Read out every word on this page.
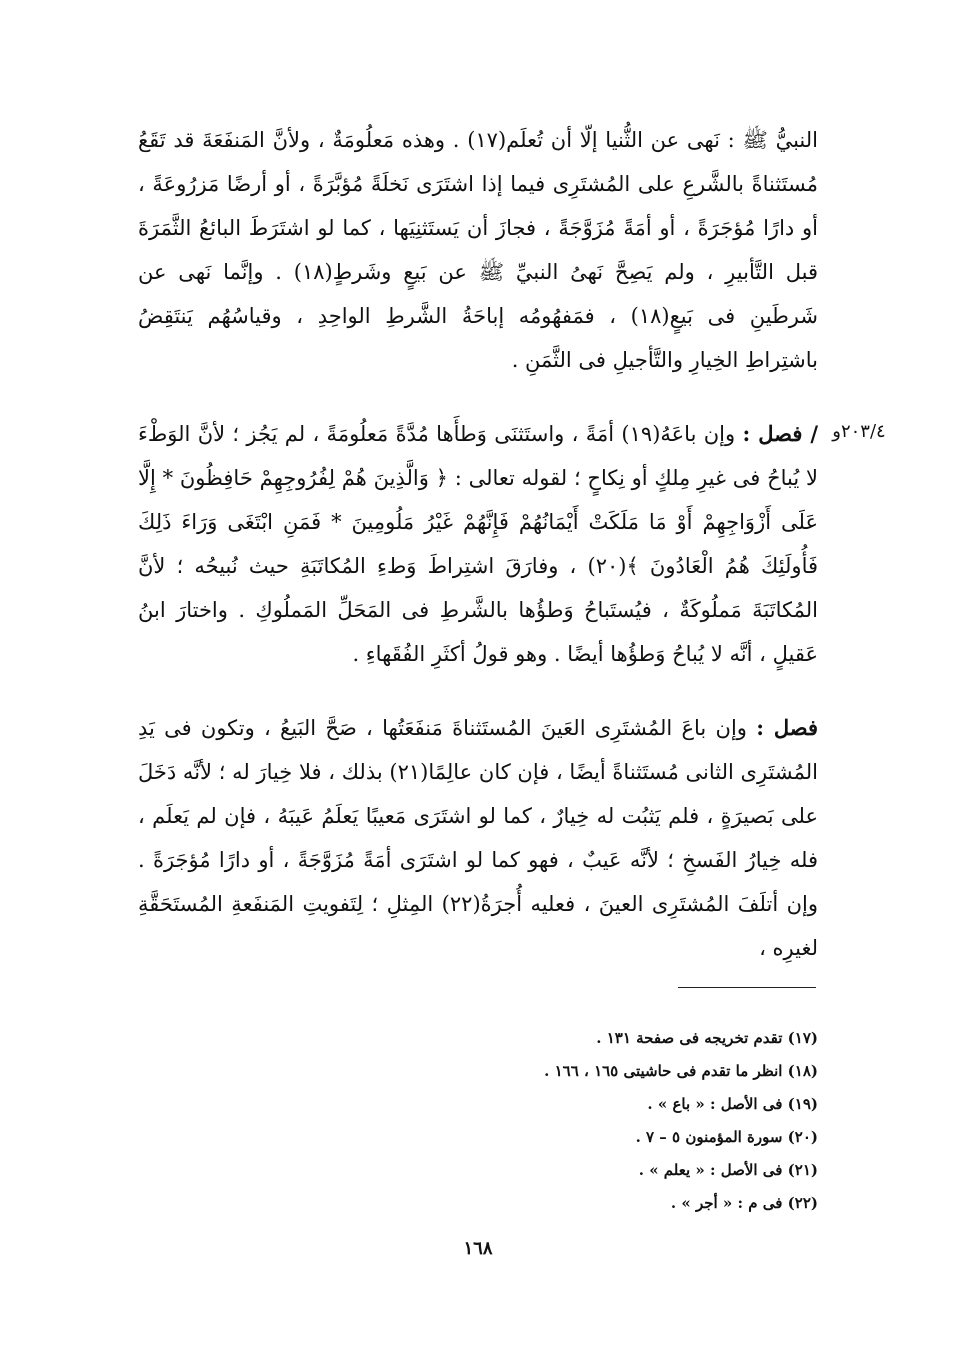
النبيُّ ﷺ : نَهى عن الثُّنيا إلّا أن تُعلَم(١٧) . وهذه مَعلُومَةٌ ، ولأنَّ المَنفَعَةَ قد تَقَعُ مُستَثناةً بالشَّرعِ على المُشتَرِى فيما إذا اشتَرَى نَخلَةً مُؤبَّرَةً ، أو أرضًا مَزرُوعَةً ، أو دارًا مُؤجَرَةً ، أو أمَةً مُزَوَّجَةً ، فجازَ أن يَستَثنِيَها ، كما لو اشتَرَطَ البائعُ الثَّمَرَةَ قبل التَّأبيرِ ، ولم يَصِحَّ نَهىُ النبيِّ ﷺ عن بَيعٍ وشَرطٍ(١٨) . وإنَّما نَهى عن شَرطَينِ فى بَيعٍ(١٨) ، فمَفهُومُه إباحَةُ الشَّرطِ الواحِدِ ، وقياسُهُم يَنتَقِضُ باشتِراطِ الخِيارِ والتَّأجيلِ فى الثَّمَنِ .

٢٠٣/٤و

/ فصل : وإن باعَهُ(١٩) أمَةً ، واستَثنَى وَطأَها مُدَّةً مَعلُومَةً ، لم يَجُز ؛ لأنَّ الوَطْءَ لا يُباحُ فى غيرِ مِلكٍ أو نِكاحٍ ؛ لقوله تعالى : ﴿ وَالَّذِينَ هُمْ لِفُرُوجِهِمْ حَافِظُونَ * إِلَّا عَلَى أَزْوَاجِهِمْ أَوْ مَا مَلَكَتْ أَيْمَانُهُمْ فَإِنَّهُمْ غَيْرُ مَلُومِينَ * فَمَنِ ابْتَغَى وَرَاءَ ذَلِكَ فَأُولَئِكَ هُمُ الْعَادُونَ ﴾(٢٠) ، وفارَقَ اشتِراطَ وَطءِ المُكاتَبَةِ حيث نُبيحُه ؛ لأنَّ المُكاتَبَةَ مَملُوكَةٌ ، فيُستَباحُ وَطؤُها بالشَّرطِ فى المَحَلِّ المَملُوكِ . واختارَ ابنُ عَقيلٍ ، أنَّه لا يُباحُ وَطؤُها أيضًا . وهو قولُ أكثَرِ الفُقَهاءِ .

فصل : وإن باعَ المُشتَرِى العَينَ المُستَثناةَ مَنفَعَتُها ، صَحَّ البَيعُ ، وتكون فى يَدِ المُشتَرِى الثانى مُستَثناةً أيضًا ، فإن كان عالِمًا(٢١) بذلك ، فلا خِيارَ له ؛ لأنَّه دَخَلَ على بَصيرَةٍ ، فلم يَثبُت له خِيارٌ ، كما لو اشتَرَى مَعيبًا يَعلَمُ عَيبَهُ ، فإن لم يَعلَم ، فله خِيارُ الفَسخِ ؛ لأنَّه عَيبٌ ، فهو كما لو اشتَرَى أمَةً مُزَوَّجَةً ، أو دارًا مُؤجَرَةً . وإن أتلَفَ المُشتَرِى العينَ ، فعليه أُجرَةُ(٢٢) المِثلِ ؛ لِتَفويتِ المَنفَعةِ المُستَحَقَّةِ لغيرِه ،

(١٧) تقدم تخريجه فى صفحة ١٣١ .

(١٨) انظر ما تقدم فى حاشيتى ١٦٥ ، ١٦٦ .

(١٩) فى الأصل : « باع » .

(٢٠) سورة المؤمنون ٥ – ٧ .

(٢١) فى الأصل : « يعلم » .

(٢٢) فى م : « أجر » .

١٦٨
